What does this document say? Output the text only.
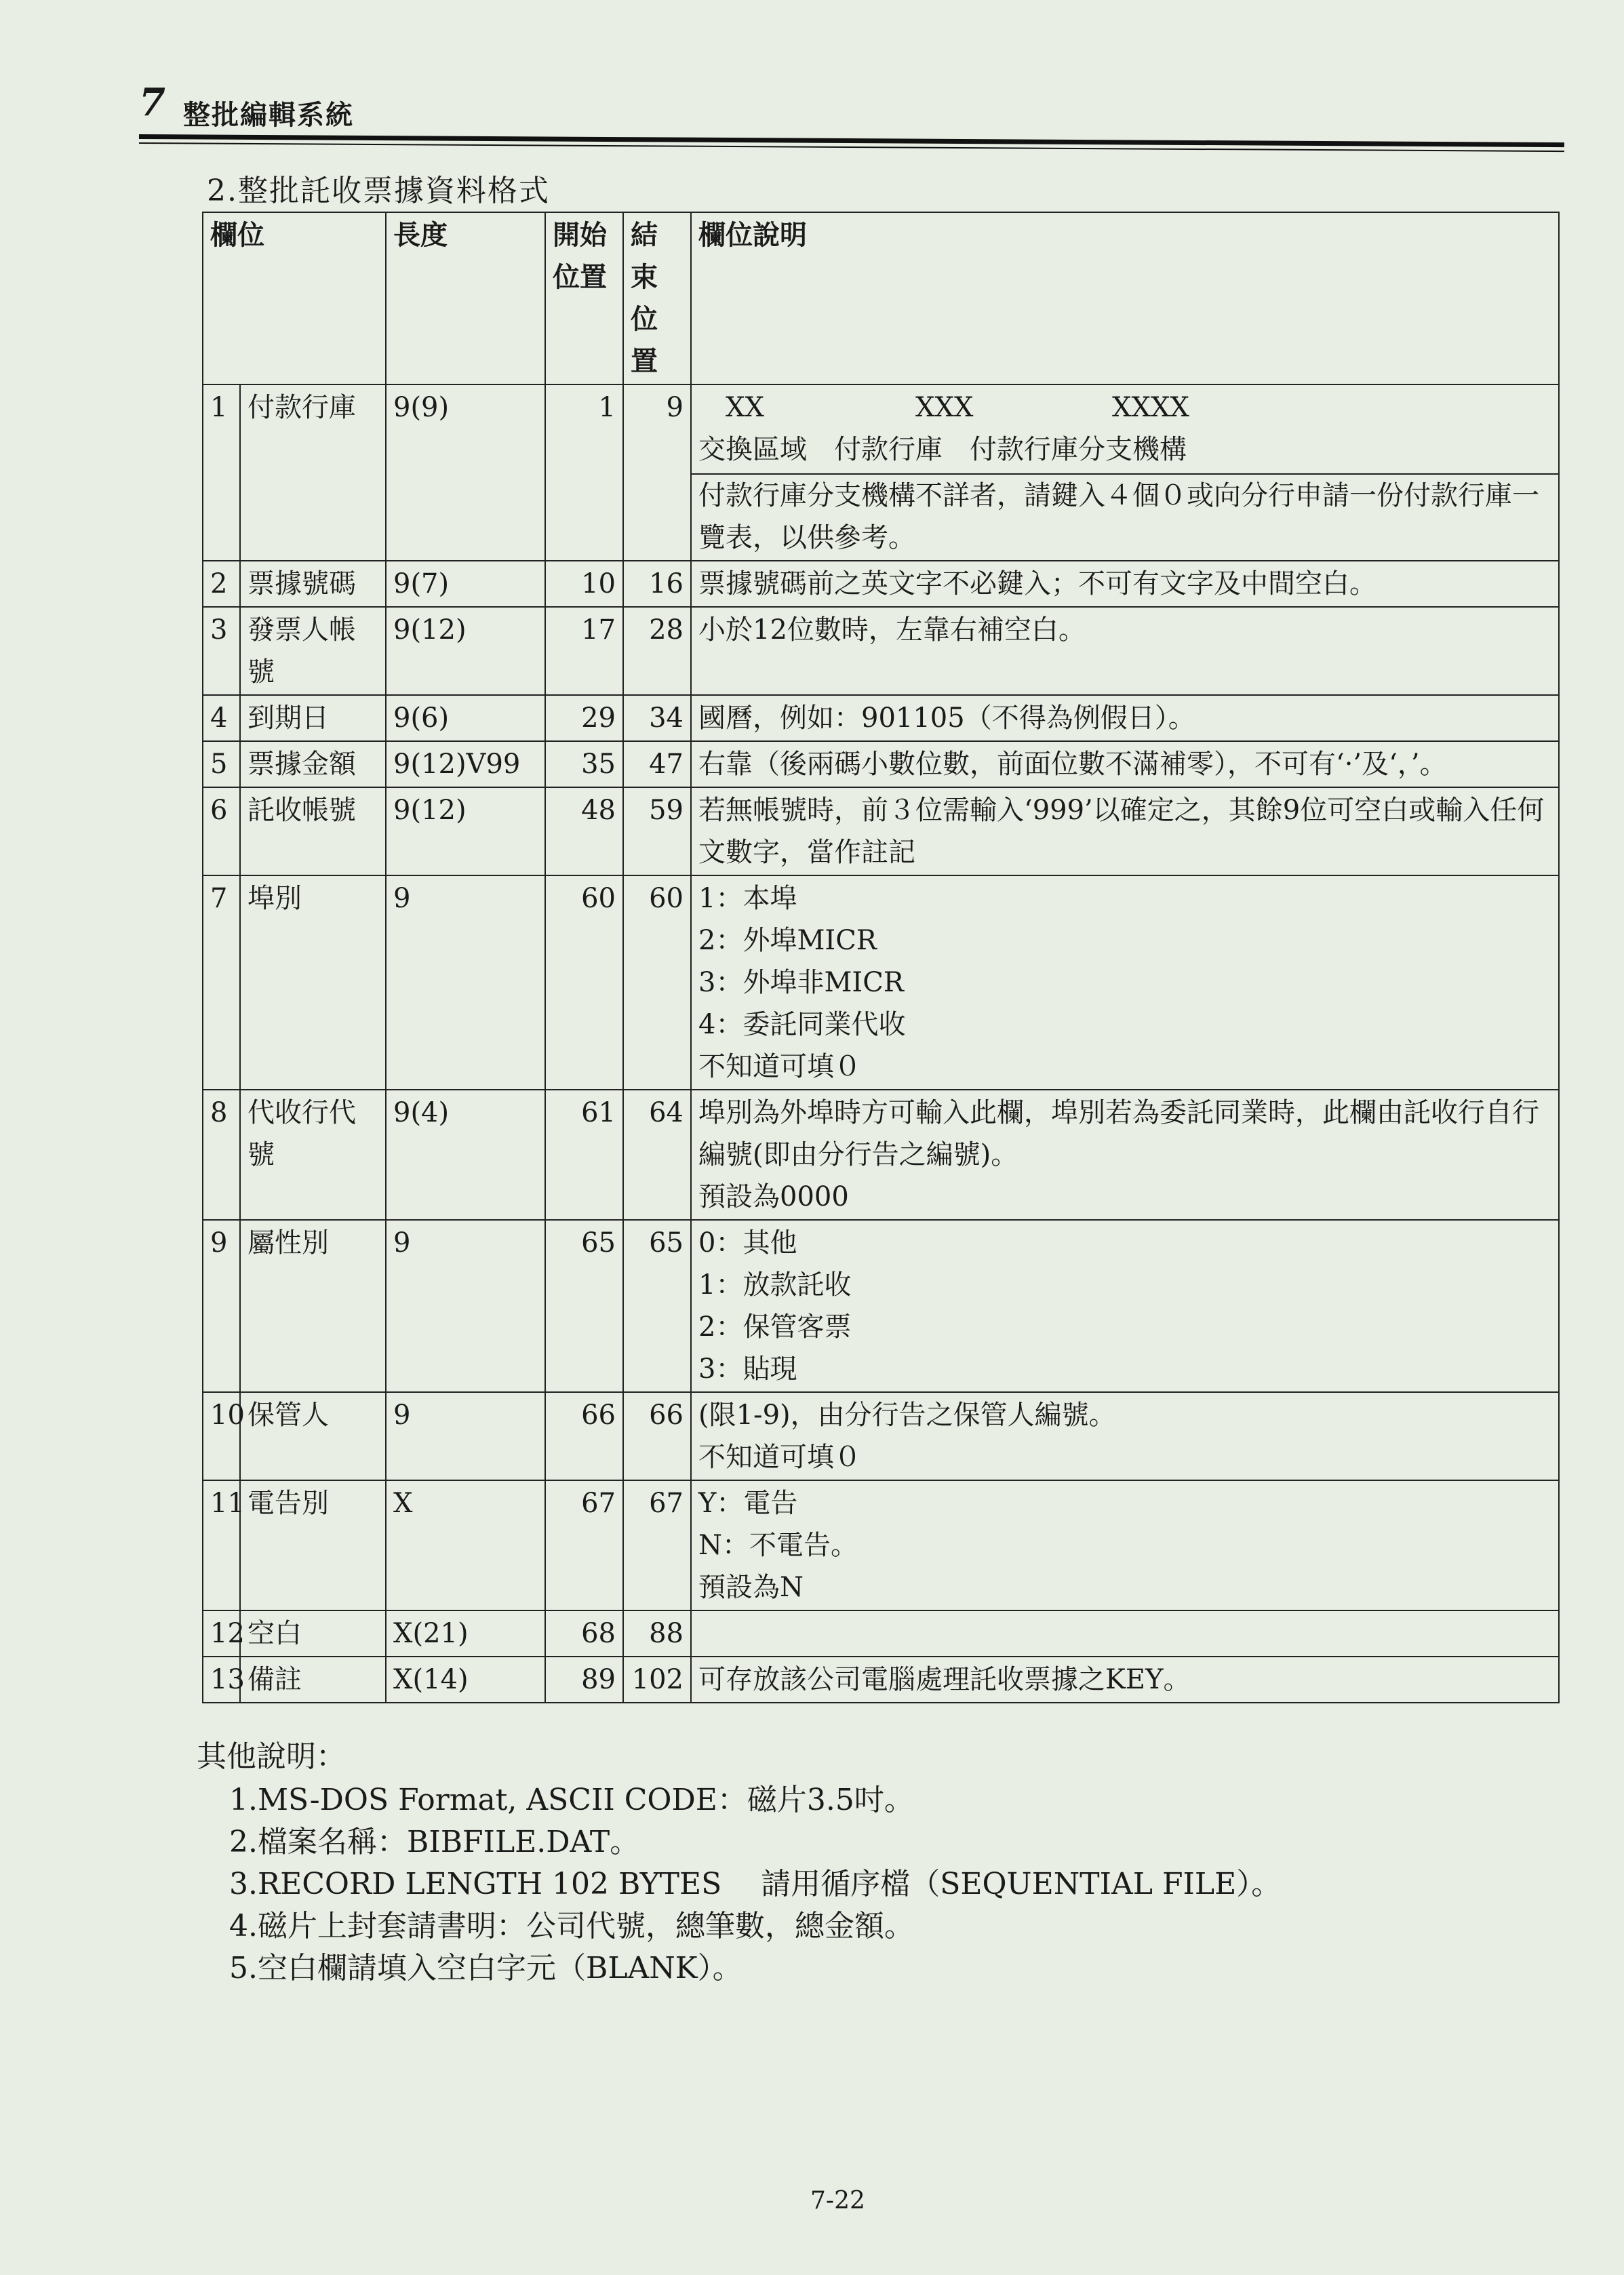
7 整批編輯系統
2.整批託收票據資料格式
欄位		長度	開始位置	結束位置	欄位說明
1	付款行庫	9(9)	1	9	XX XXX XXXX
交換區域　付款行庫　付款行庫分支機構
付款行庫分支機構不詳者，請鍵入４個０或向分行申請一份付款行庫一覽表，以供參考。

2	票據號碼	9(7)	10	16	票據號碼前之英文字不必鍵入；不可有文字及中間空白。

3	發票人帳號	9(12)	17	28	小於12位數時，左靠右補空白。

4	到期日	9(6)	29	34	國曆，例如：901105（不得為例假日）。

5	票據金額	9(12)V99	35	47	右靠（後兩碼小數位數，前面位數不滿補零），不可有‘·’及‘，’。

6	託收帳號	9(12)	48	59	若無帳號時，前３位需輸入‘999’以確定之，其餘9位可空白或輸入任何文數字，當作註記

7	埠別	9	60	60	1：本埠
2：外埠MICR
3：外埠非MICR
4：委託同業代收
不知道可填０

8	代收行代號	9(4)	61	64	埠別為外埠時方可輸入此欄，埠別若為委託同業時，此欄由託收行自行編號(即由分行告之編號)。
預設為0000

9	屬性別	9	65	65	0：其他
1：放款託收
2：保管客票
3：貼現

10	保管人	9	66	66	(限1-9)，由分行告之保管人編號。
不知道可填０

11	電告別	X	67	67	Y：電告
N：不電告。
預設為N

12	空白	X(21)	68	88	

13	備註	X(14)	89	102	可存放該公司電腦處理託收票據之KEY。
其他說明：
1.MS-DOS Format, ASCII CODE：磁片3.5吋。
2.檔案名稱：BIBFILE.DAT。
3.RECORD LENGTH 102 BYTES　 請用循序檔（SEQUENTIAL FILE）。
4.磁片上封套請書明：公司代號，總筆數，總金額。
5.空白欄請填入空白字元（BLANK）。
7-22
